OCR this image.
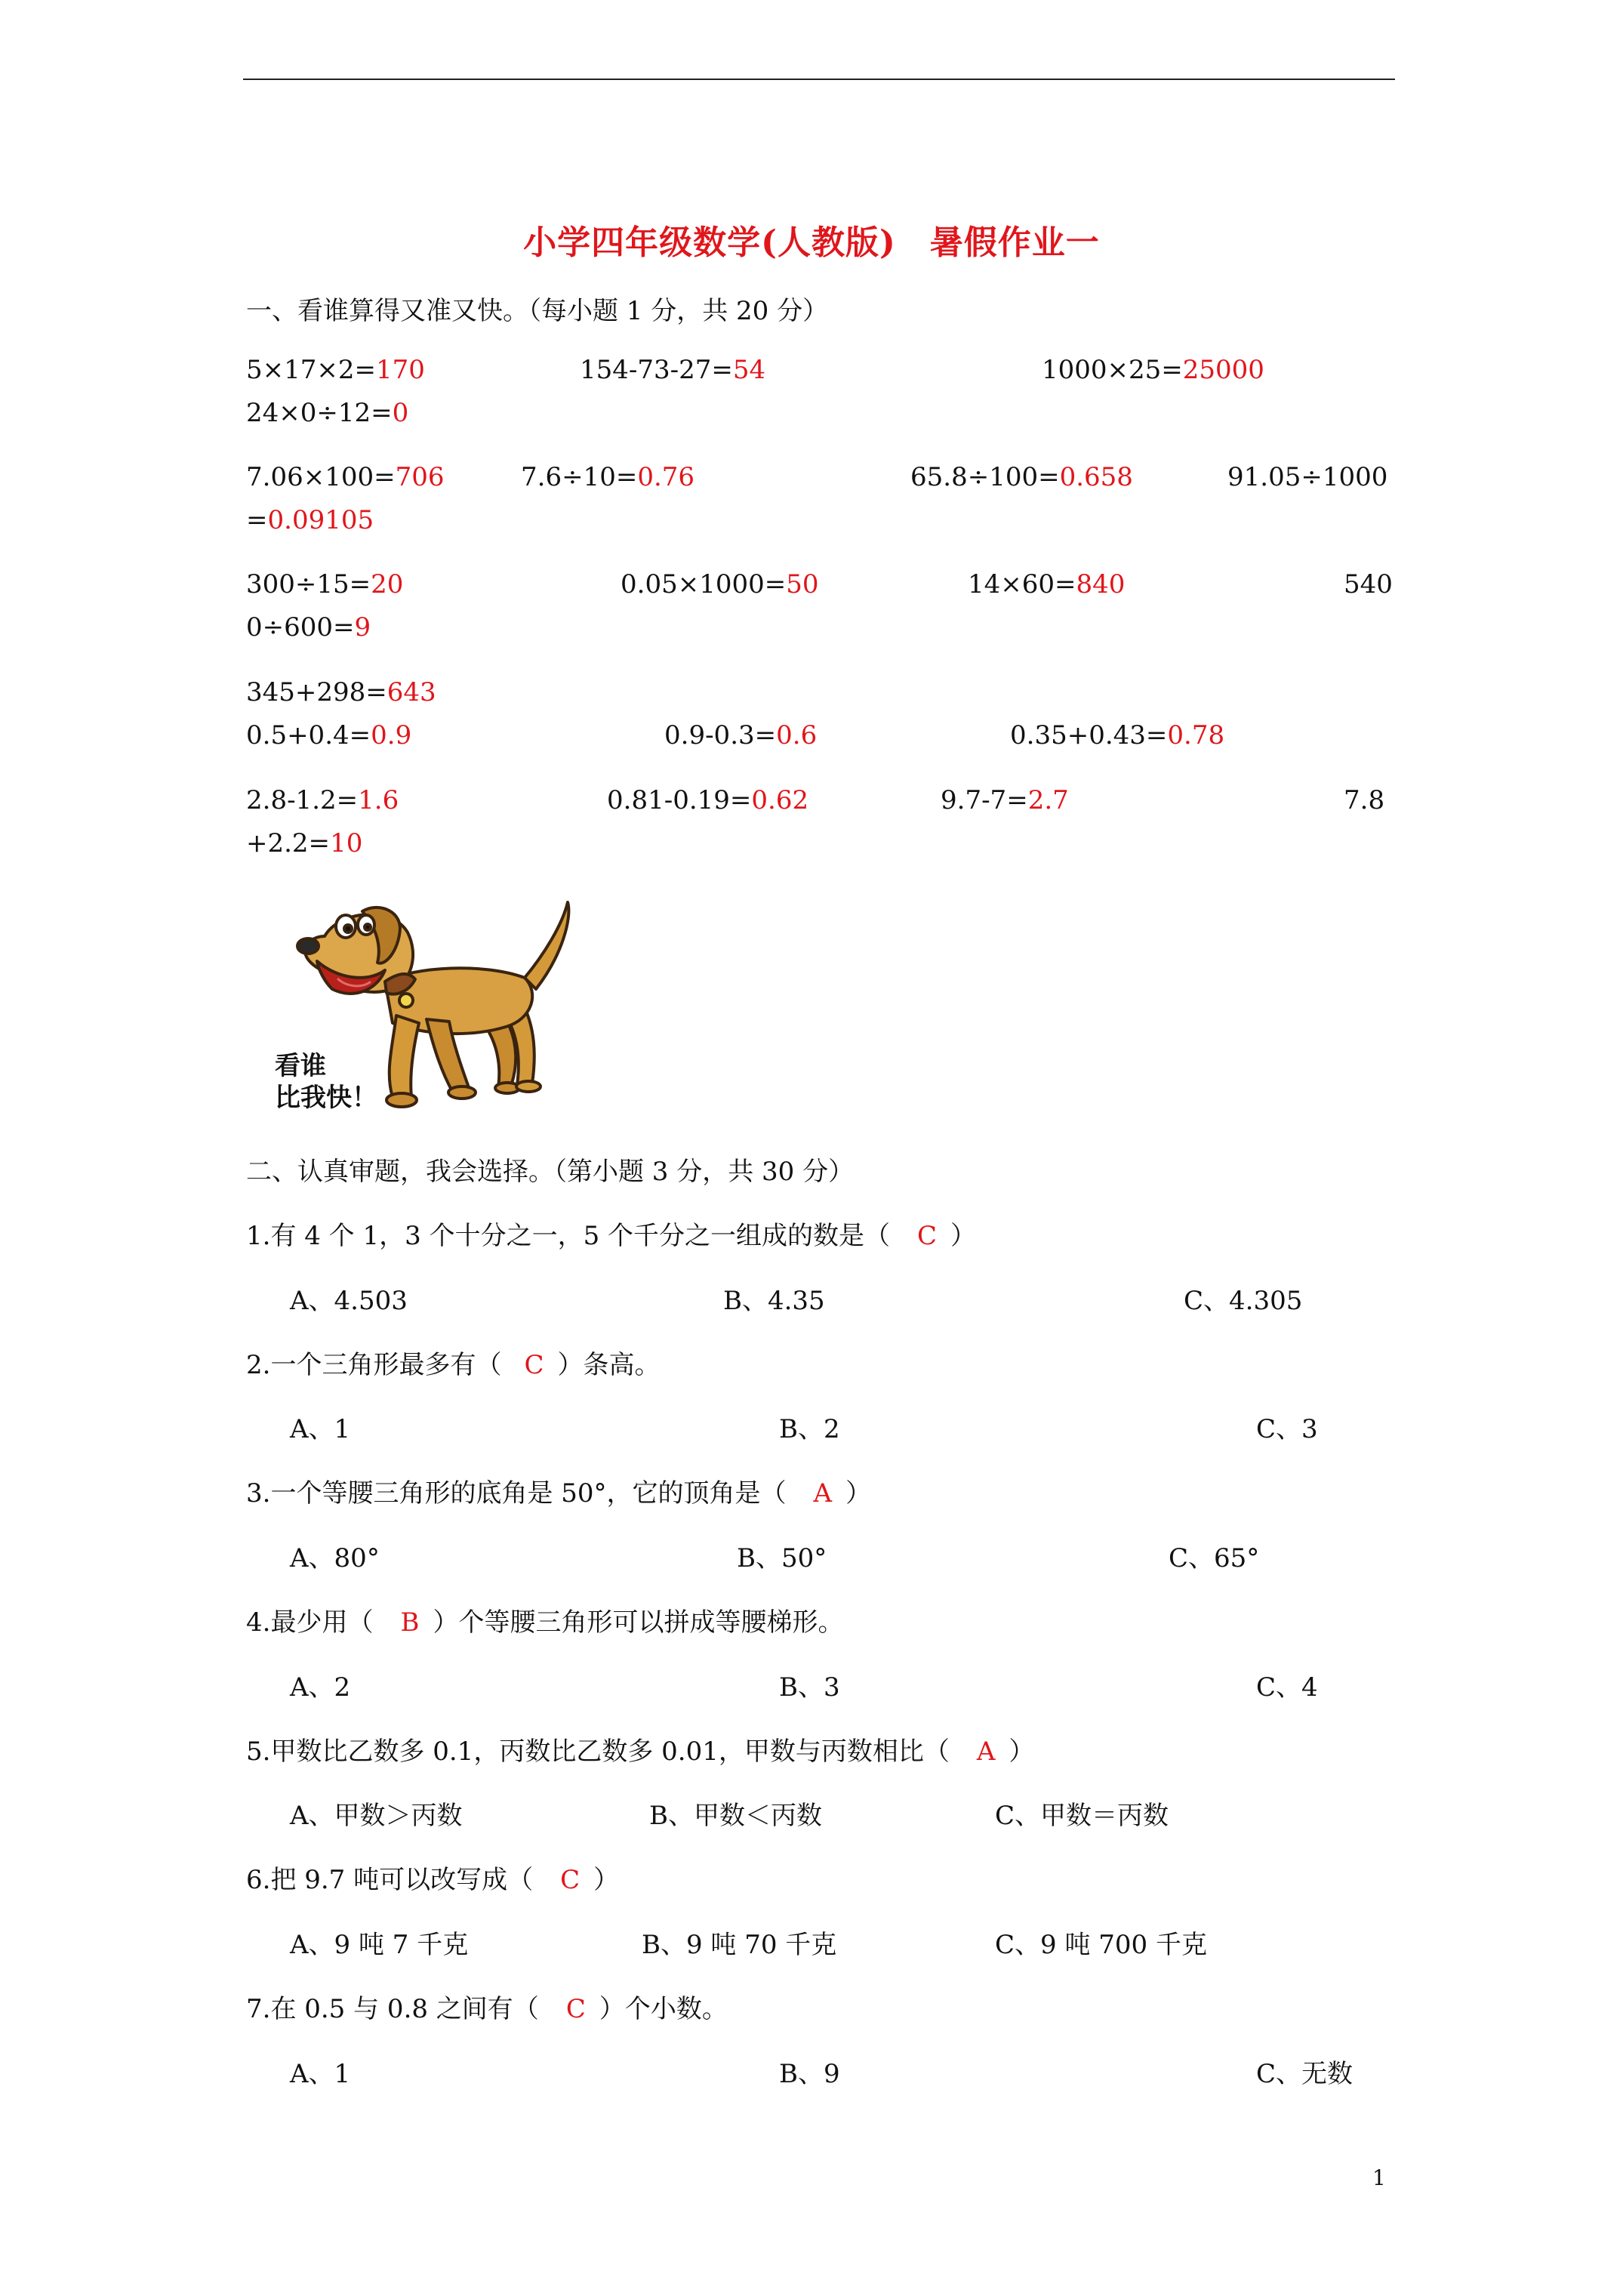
小学四年级数学(人教版)　暑假作业一
一、看谁算得又准又快。（每小题 1 分，共 20 分）
5×17×2=170	154-73-27=54	1000×25=25000
24×0÷12=0
7.06×100=706	7.6÷10=0.76	65.8÷100=0.658	91.05÷1000
=0.09105
300÷15=20	0.05×1000=50	14×60=840	540
0÷600=9
345+298=643
0.5+0.4=0.9	0.9-0.3=0.6	0.35+0.43=0.78
2.8-1.2=1.6	0.81-0.19=0.62	9.7-7=2.7	7.8
+2.2=10
看谁
比我快！
二、认真审题，我会选择。（第小题 3 分，共 30 分）
1.有 4 个 1，3 个十分之一，5 个千分之一组成的数是（ C ）
A、4.503	B、4.35	C、4.305
2.一个三角形最多有（ C ）条高。
A、1	B、2	C、3
3.一个等腰三角形的底角是 50°，它的顶角是（ A ）
A、80°	B、50°	C、65°
4.最少用（ B ）个等腰三角形可以拼成等腰梯形。
A、2	B、3	C、4
5.甲数比乙数多 0.1，丙数比乙数多 0.01，甲数与丙数相比（ A ）
A、甲数＞丙数	B、甲数＜丙数	C、甲数＝丙数
6.把 9.7 吨可以改写成（ C ）
A、9 吨 7 千克	B、9 吨 70 千克	C、9 吨 700 千克
7.在 0.5 与 0.8 之间有（ C ）个小数。
A、1	B、9	C、无数
1
